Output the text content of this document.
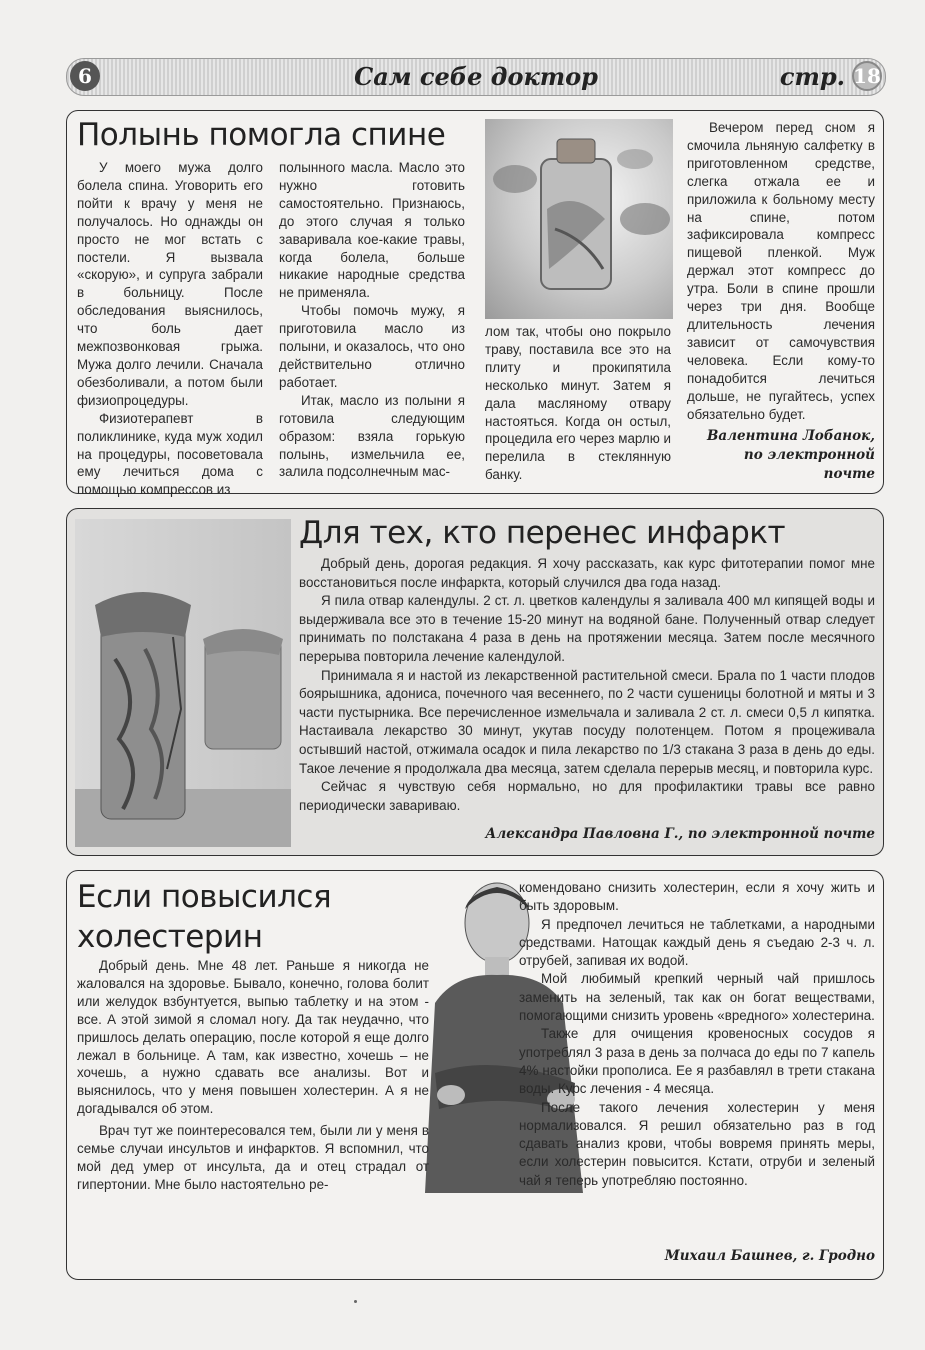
6	Сам себе доктор	стр. 18
Полынь помогла спине

У моего мужа долго болела спина. Уговорить его пойти к врачу у меня не получалось. Но однажды он просто не мог встать с постели. Я вызвала «скорую», и супруга забрали в больницу. После обследования выяснилось, что боль дает межпозвонковая грыжа. Мужа долго лечили. Сначала обезболивали, а потом были физиопроцедуры.

Физиотерапевт в поликлинике, куда муж ходил на процедуры, посоветовала ему лечиться дома с помощью компрессов из

полынного масла. Масло это нужно готовить самостоятельно. Признаюсь, до этого случая я только заваривала кое-какие травы, когда болела, больше никакие народные средства не применяла.

Чтобы помочь мужу, я приготовила масло из полыни, и оказалось, что оно действительно отлично работает.

Итак, масло из полыни я готовила следующим образом: взяла горькую полынь, измельчила ее, залила подсолнечным мас-

лом так, чтобы оно покрыло траву, поставила все это на плиту и прокипятила несколько минут. Затем я дала масляному отвару настояться. Когда он остыл, процедила его через марлю и перелила в стеклянную банку.

Вечером перед сном я смочила льняную салфетку в приготовленном средстве, слегка отжала ее и приложила к больному месту на спине, потом зафиксировала компресс пищевой пленкой. Муж держал этот компресс до утра. Боли в спине прошли через три дня. Вообще длительность лечения зависит от самочувствия человека. Если кому-то понадобится лечиться дольше, не пугайтесь, успех обязательно будет.

Валентина Лобанок,
по электронной
почте
Для тех, кто перенес инфаркт

Добрый день, дорогая редакция. Я хочу рассказать, как курс фитотерапии помог мне восстановиться после инфаркта, который случился два года назад.

Я пила отвар календулы. 2 ст. л. цветков календулы я заливала 400 мл кипящей воды и выдерживала все это в течение 15-20 минут на водяной бане. Полученный отвар следует принимать по полстакана 4 раза в день на протяжении месяца. Затем после месячного перерыва повторила лечение календулой.

Принимала я и настой из лекарственной растительной смеси. Брала по 1 части плодов боярышника, адониса, почечного чая весеннего, по 2 части сушеницы болотной и мяты и 3 части пустырника. Все перечисленное измельчала и заливала 2 ст. л. смеси 0,5 л кипятка. Настаивала лекарство 30 минут, укутав посуду полотенцем. Потом я процеживала остывший настой, отжимала осадок и пила лекарство по 1/3 стакана 3 раза в день до еды. Такое лечение я продолжала два месяца, затем сделала перерыв месяц, и повторила курс.

Сейчас я чувствую себя нормально, но для профилактики травы все равно периодически завариваю.

Александра Павловна Г., по электронной почте
Если повысился
холестерин

Добрый день. Мне 48 лет. Раньше я никогда не жаловался на здоровье. Бывало, конечно, голова болит или желудок взбунтуется, выпью таблетку и на этом - все. А этой зимой я сломал ногу. Да так неудачно, что пришлось делать операцию, после которой я еще долго лежал в больнице. А там, как известно, хочешь – не хочешь, а нужно сдавать все анализы. Вот и выяснилось, что у меня повышен холестерин. А я не догадывался об этом.

Врач тут же поинтересовался тем, были ли у меня в семье случаи инсультов и инфарктов. Я вспомнил, что мой дед умер от инсульта, да и отец страдал от гипертонии. Мне было настоятельно ре-

комендовано снизить холестерин, если я хочу жить и быть здоровым.

Я предпочел лечиться не таблетками, а народными средствами. Натощак каждый день я съедаю 2-3 ч. л. отрубей, запивая их водой.

Мой любимый крепкий черный чай пришлось заменить на зеленый, так как он богат веществами, помогающими снизить уровень «вредного» холестерина.

Также для очищения кровеносных сосудов я употреблял 3 раза в день за полчаса до еды по 7 капель 4% настойки прополиса. Ее я разбавлял в трети стакана воды. Курс лечения - 4 месяца.

После такого лечения холестерин у меня нормализовался. Я решил обязательно раз в год сдавать анализ крови, чтобы вовремя принять меры, если холестерин повысится. Кстати, отруби и зеленый чай я теперь употребляю постоянно.

Михаил Башнев, г. Гродно
